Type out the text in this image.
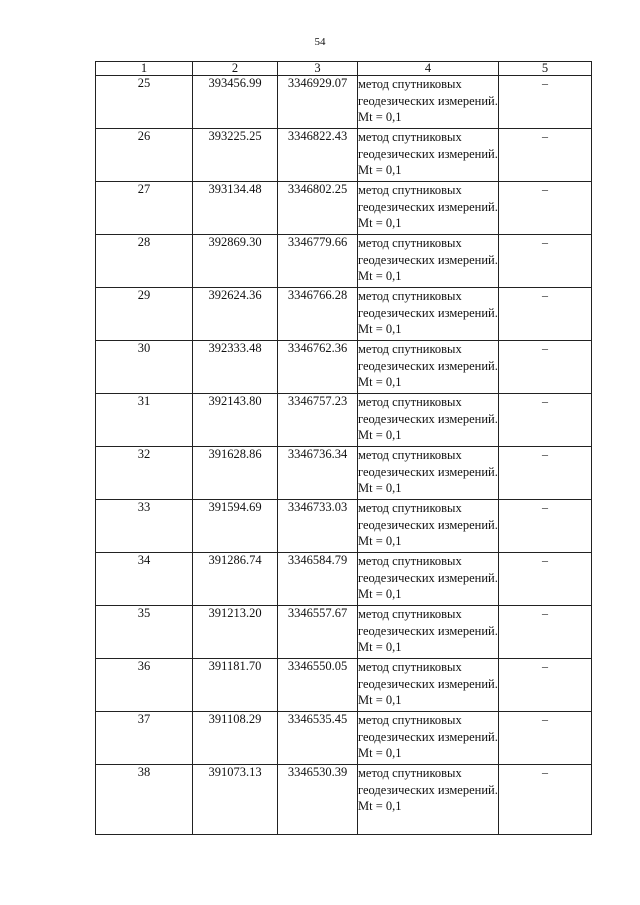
54
1	2	3	4	5
25	393456.99	3346929.07	метод спутниковых геодезических измерений. Mt = 0,1	–
26	393225.25	3346822.43	метод спутниковых геодезических измерений. Mt = 0,1	–
27	393134.48	3346802.25	метод спутниковых геодезических измерений. Mt = 0,1	–
28	392869.30	3346779.66	метод спутниковых геодезических измерений. Mt = 0,1	–
29	392624.36	3346766.28	метод спутниковых геодезических измерений. Mt = 0,1	–
30	392333.48	3346762.36	метод спутниковых геодезических измерений. Mt = 0,1	–
31	392143.80	3346757.23	метод спутниковых геодезических измерений. Mt = 0,1	–
32	391628.86	3346736.34	метод спутниковых геодезических измерений. Mt = 0,1	–
33	391594.69	3346733.03	метод спутниковых геодезических измерений. Mt = 0,1	–
34	391286.74	3346584.79	метод спутниковых геодезических измерений. Mt = 0,1	–
35	391213.20	3346557.67	метод спутниковых геодезических измерений. Mt = 0,1	–
36	391181.70	3346550.05	метод спутниковых геодезических измерений. Mt = 0,1	–
37	391108.29	3346535.45	метод спутниковых геодезических измерений. Mt = 0,1	–
38	391073.13	3346530.39	метод спутниковых геодезических измерений. Mt = 0,1	–
